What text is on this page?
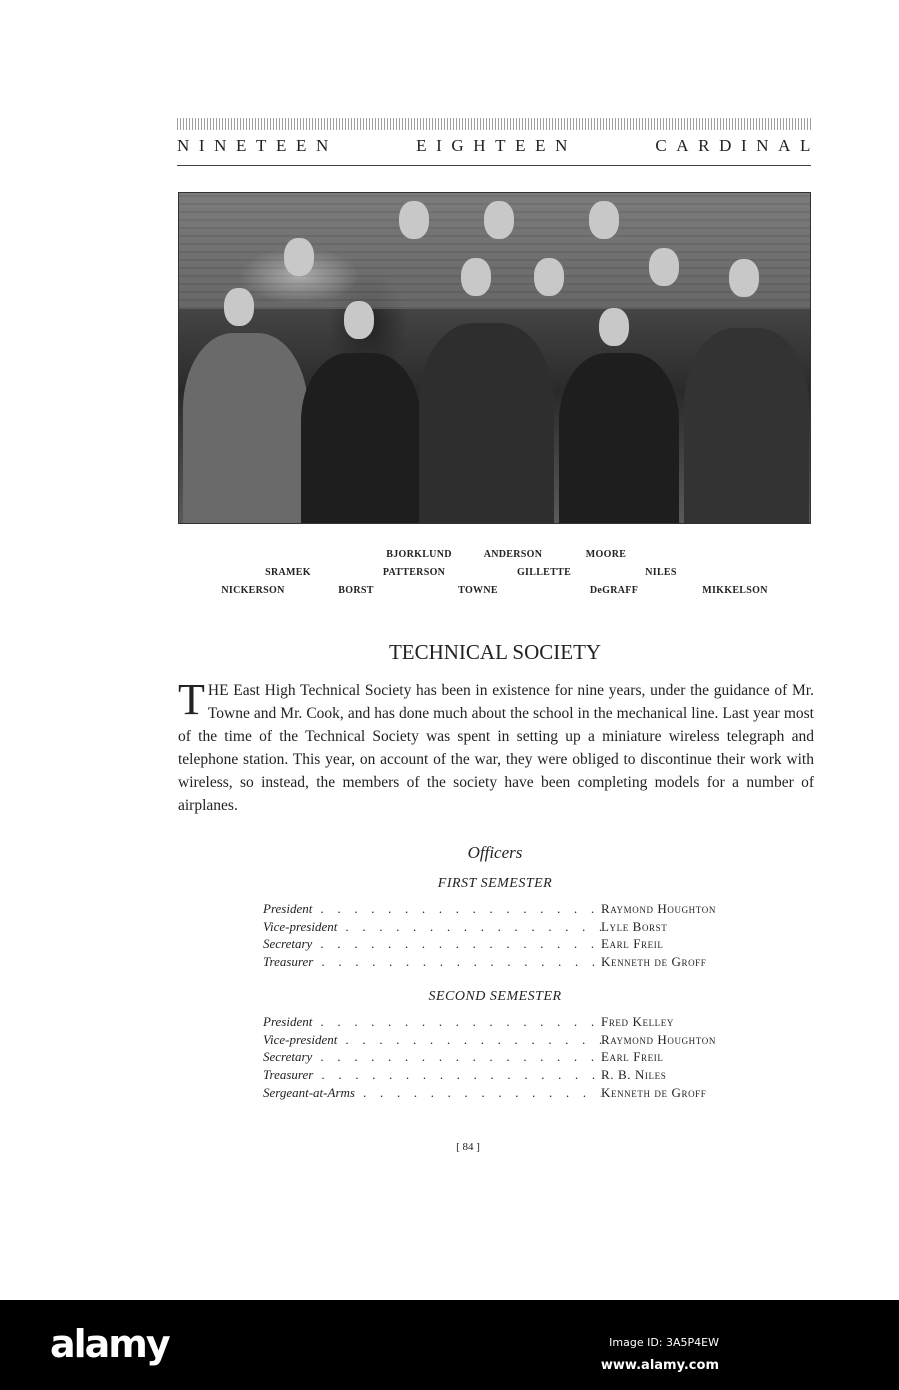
NINETEEN	EIGHTEEN	CARDINAL
BJORKLUND	ANDERSON	MOORE
SRAMEK	PATTERSON	GILLETTE	NILES
NICKERSON	BORST	TOWNE	DeGRAFF	MIKKELSON
TECHNICAL SOCIETY
T HE East High Technical Society has been in existence for nine years, under the guidance of Mr. Towne and Mr. Cook, and has done much about the school in the mechanical line. Last year most of the time of the Technical Society was spent in setting up a miniature wireless telegraph and telephone station. This year, on account of the war, they were obliged to discontinue their work with wireless, so instead, the members of the society have been completing models for a number of airplanes.
Officers
FIRST SEMESTER
President . . .	Raymond Houghton
Vice-president . . .	Lyle Borst
Secretary . . .	Earl Freil
Treasurer . . .	Kenneth de Groff
SECOND SEMESTER
President . . .	Fred Kelley
Vice-president . . .	Raymond Houghton
Secretary . . .	Earl Freil
Treasurer . . .	R. B. Niles
Sergeant-at-Arms . . .	Kenneth de Groff
[ 84 ]
alamy	Image ID: 3A5P4EW
www.alamy.com
